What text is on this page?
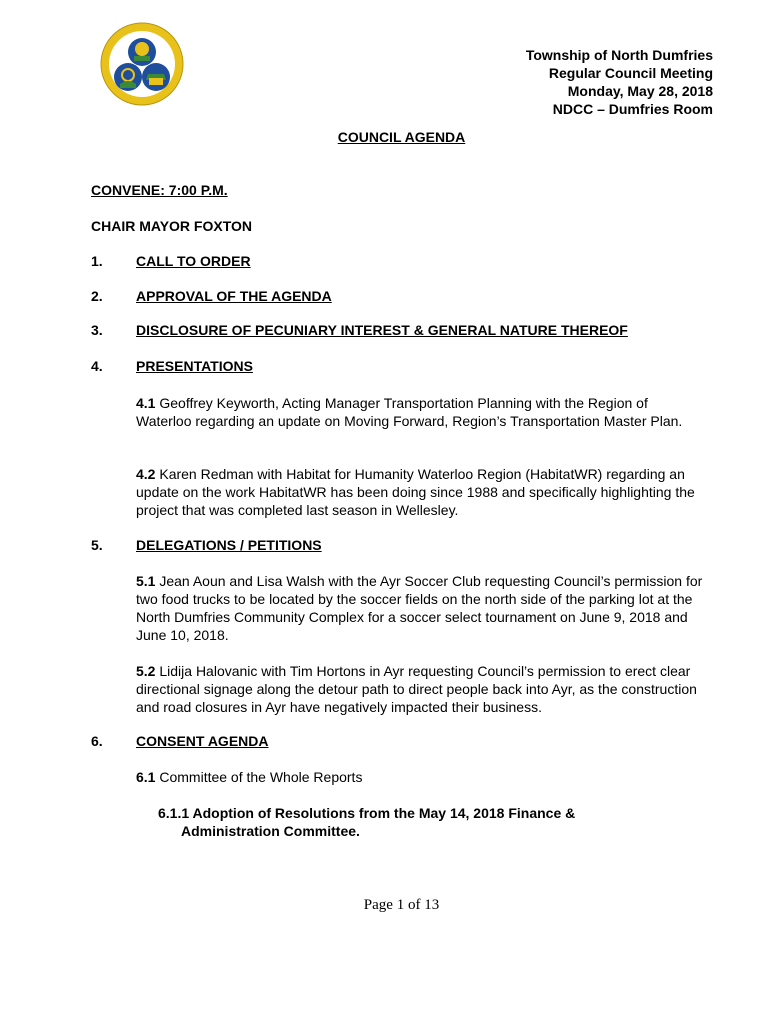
Township of North Dumfries
Regular Council Meeting
Monday, May 28, 2018
NDCC – Dumfries Room
COUNCIL AGENDA
CONVENE: 7:00 P.M.
CHAIR MAYOR FOXTON
1. CALL TO ORDER
2. APPROVAL OF THE AGENDA
3. DISCLOSURE OF PECUNIARY INTEREST & GENERAL NATURE THEREOF
4. PRESENTATIONS
4.1 Geoffrey Keyworth, Acting Manager Transportation Planning with the Region of Waterloo regarding an update on Moving Forward, Region’s Transportation Master Plan.
4.2 Karen Redman with Habitat for Humanity Waterloo Region (HabitatWR) regarding an update on the work HabitatWR has been doing since 1988 and specifically highlighting the project that was completed last season in Wellesley.
5. DELEGATIONS / PETITIONS
5.1 Jean Aoun and Lisa Walsh with the Ayr Soccer Club requesting Council’s permission for two food trucks to be located by the soccer fields on the north side of the parking lot at the North Dumfries Community Complex for a soccer select tournament on June 9, 2018 and June 10, 2018.
5.2 Lidija Halovanic with Tim Hortons in Ayr requesting Council’s permission to erect clear directional signage along the detour path to direct people back into Ayr, as the construction and road closures in Ayr have negatively impacted their business.
6. CONSENT AGENDA
6.1 Committee of the Whole Reports
6.1.1 Adoption of Resolutions from the May 14, 2018 Finance &
Administration Committee.
Page 1 of 13
